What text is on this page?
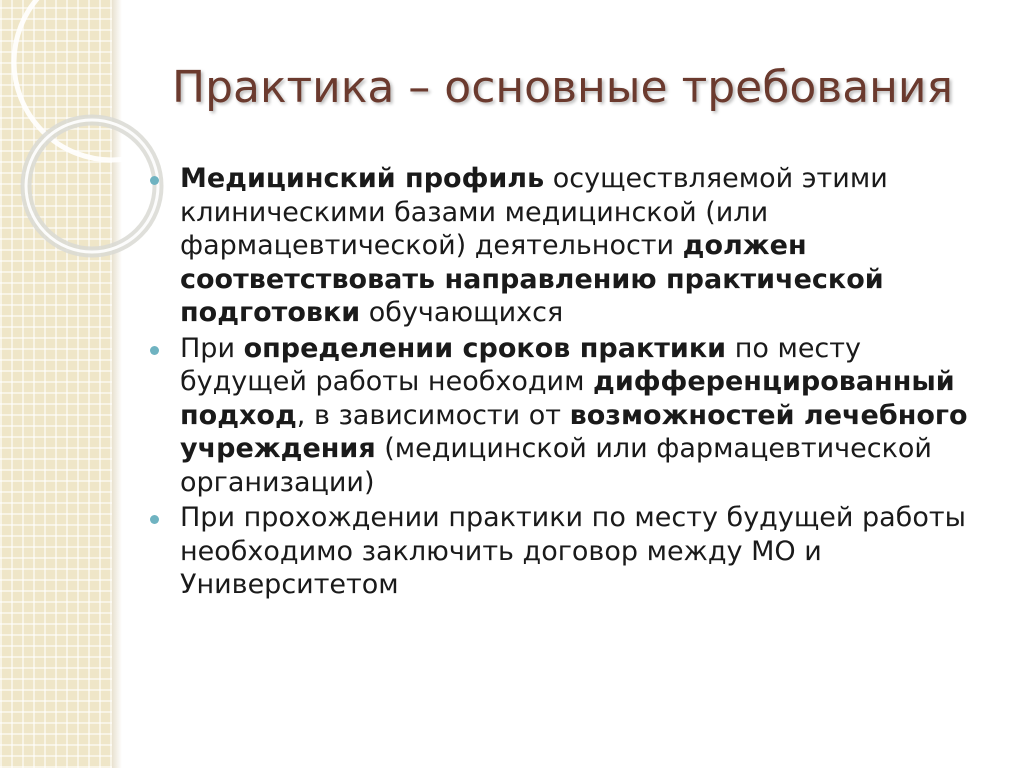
Практика – основные требования
Медицинский профиль осуществляемой этими клиническими базами медицинской (или фармацевтической) деятельности должен соответствовать направлению практической подготовки обучающихся
При определении сроков практики по месту будущей работы необходим дифференцированный подход, в зависимости от возможностей лечебного учреждения (медицинской или фармацевтической организации)
При прохождении практики по месту будущей работы необходимо заключить договор между МО и Университетом
